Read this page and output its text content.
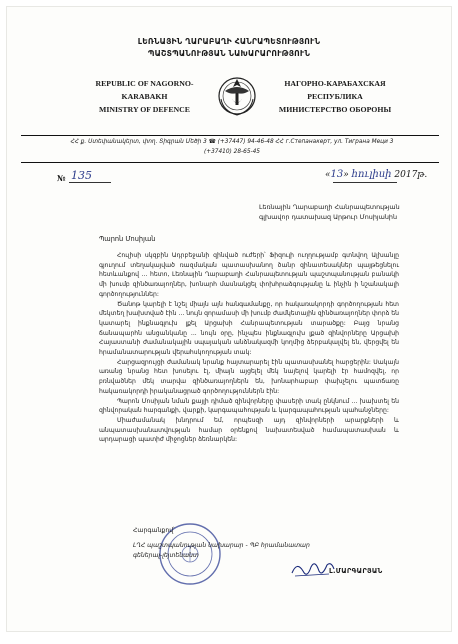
ԼԵՌՆԱՅԻՆ ՂԱՐԱԲԱՂԻ ՀԱՆՐԱՊԵՏՈՒԹՅՈՒՆ
ՊԱՇՏՊԱՆՈՒԹՅԱՆ ՆԱԽԱՐԱՐՈՒԹՅՈՒՆ
REPUBLIC OF NAGORNO-
KARABAKH
MINISTRY OF DEFENCE
НАГОРНО-КАРАБАХСКАЯ
РЕСПУБЛИКА
МИНИСТЕРСТВО ОБОРОНЫ
ՀՀ ք. Ստեփանակերտ, փող. Տիգրան Մեծի 3 ☎ (+37447) 94-46-48 ՀՀ г.Степанакерт, ул. Тиграна Меци 3
(+37410) 28-65-45
№ 135	«13» հուլիսի 2017թ.
Լեռնային Ղարաբաղի Հանրապետության
գլխավոր դատախազ Արթուր Մոսիյանին
Պարոն Մոսիյան

Հուլիսի սկզբին Ադրբեջանի զինված ուժերի՝ Ֆիզուլի ուղղությամբ գտնվող Ալխանլը գյուղում տեղակայված ռազմական պատասխանող ծանր զինատեսակներ պայթեցնելու հետևանքով ... հետո, Լեռնային Ղարաբաղի Հանրապետության պաշտպանության բանակի մի խումբ զինծառայողներ, խոնարհ մասնակցել փոխհրաձգությանը և ինչին ի նշանակալի գործողություններ:

Ծանոթ կարելի է նշել միայն այն հանգամանքը, որ հակառակորդի գործողության հետ մեկտեղ խախտված էին ... նույն զորամասի մի խումբ ժամկետային զինծառայողներ փորձ են կատարել ինքնագլուխ լքել Արցախի Հանրապետության տարածքը: Բայց նրանց ճանապարհն անցանկանը ... նույն օրը, ինչպես ինքնագլուխ լքած զինվորները Արցախի Հայաստանի ժամանակային սպայական անձնակազմի կողմից ձերբակալվել են, վերցվել են հրամանատարության վերահսկողության տակ:

Հարցազրույցի ժամանակ նրանք հայտարարել էին պատասխանել հարցերին: Սակայն առանց նրանց հետ խոսելու էլ, միայն այցելել մեկ նայելով կարելի էր համոզվել, որ բռնվածներ մեկ տարվա զինծառայողներն են, խոնարհաբար փախչելու պատճառը հակառակորդի իրականացրած գործողություններն էին:

Պարոն Մոսիյան նման քայլի դիմած զինվորները փասերի տակ ընկնում ... խախտել են զինվորական հարգանքի, վարքի, կարգապահության և կարգապահության պահանջները:

Միաժամանակ խնդրում եմ, որպեսզի այդ զինվորների արարքների և անպատասխանատվության համար օրենքով նախատեսված համապատասխան և արդարացի պատիժ միջոցներ ձեռնարկեն:

Հարգանքով՝
ԼՂՀ պաշտպանության նախարար - ՊԲ հրամանատար
գեներալ-լեյտենանտ
Լ.ՄԱՐԳԱՐՅԱՆ
